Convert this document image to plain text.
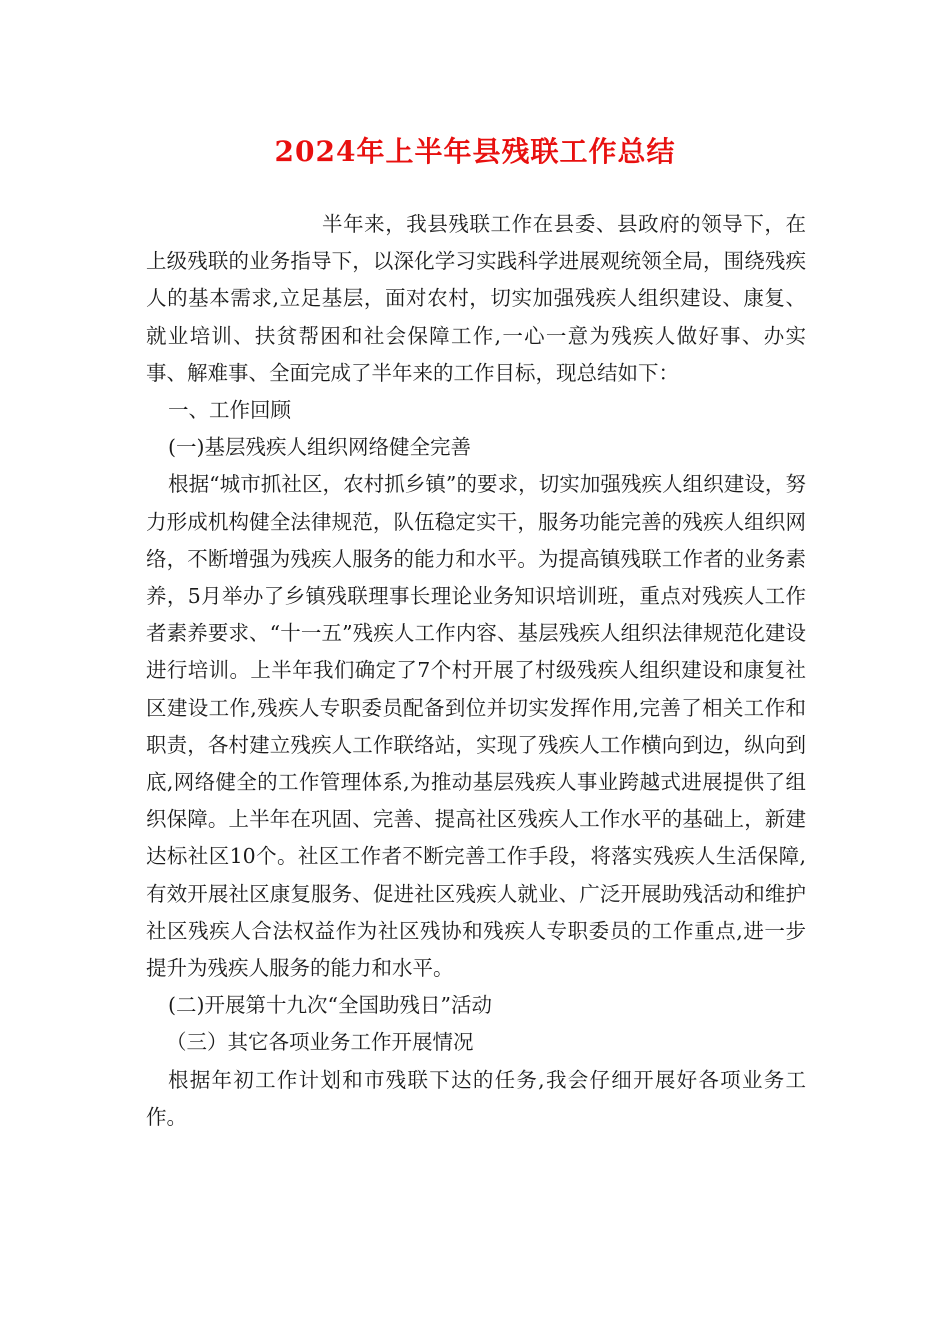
2024年上半年县残联工作总结

半年来，我县残联工作在县委、县政府的领导下，在上级残联的业务指导下，以深化学习实践科学进展观统领全局，围绕残疾人的基本需求,立足基层，面对农村，切实加强残疾人组织建设、康复、就业培训、扶贫帮困和社会保障工作,一心一意为残疾人做好事、办实事、解难事、全面完成了半年来的工作目标，现总结如下：

一、工作回顾

(一)基层残疾人组织网络健全完善

根据“城市抓社区，农村抓乡镇”的要求，切实加强残疾人组织建设，努力形成机构健全法律规范，队伍稳定实干，服务功能完善的残疾人组织网络，不断增强为残疾人服务的能力和水平。为提高镇残联工作者的业务素养，5月举办了乡镇残联理事长理论业务知识培训班，重点对残疾人工作者素养要求、“十一五”残疾人工作内容、基层残疾人组织法律规范化建设进行培训。上半年我们确定了7个村开展了村级残疾人组织建设和康复社区建设工作,残疾人专职委员配备到位并切实发挥作用,完善了相关工作和职责，各村建立残疾人工作联络站，实现了残疾人工作横向到边，纵向到底,网络健全的工作管理体系,为推动基层残疾人事业跨越式进展提供了组织保障。上半年在巩固、完善、提高社区残疾人工作水平的基础上，新建达标社区10个。社区工作者不断完善工作手段，将落实残疾人生活保障,有效开展社区康复服务、促进社区残疾人就业、广泛开展助残活动和维护社区残疾人合法权益作为社区残协和残疾人专职委员的工作重点,进一步提升为残疾人服务的能力和水平。

(二)开展第十九次“全国助残日”活动

（三）其它各项业务工作开展情况

根据年初工作计划和市残联下达的任务,我会仔细开展好各项业务工作。
